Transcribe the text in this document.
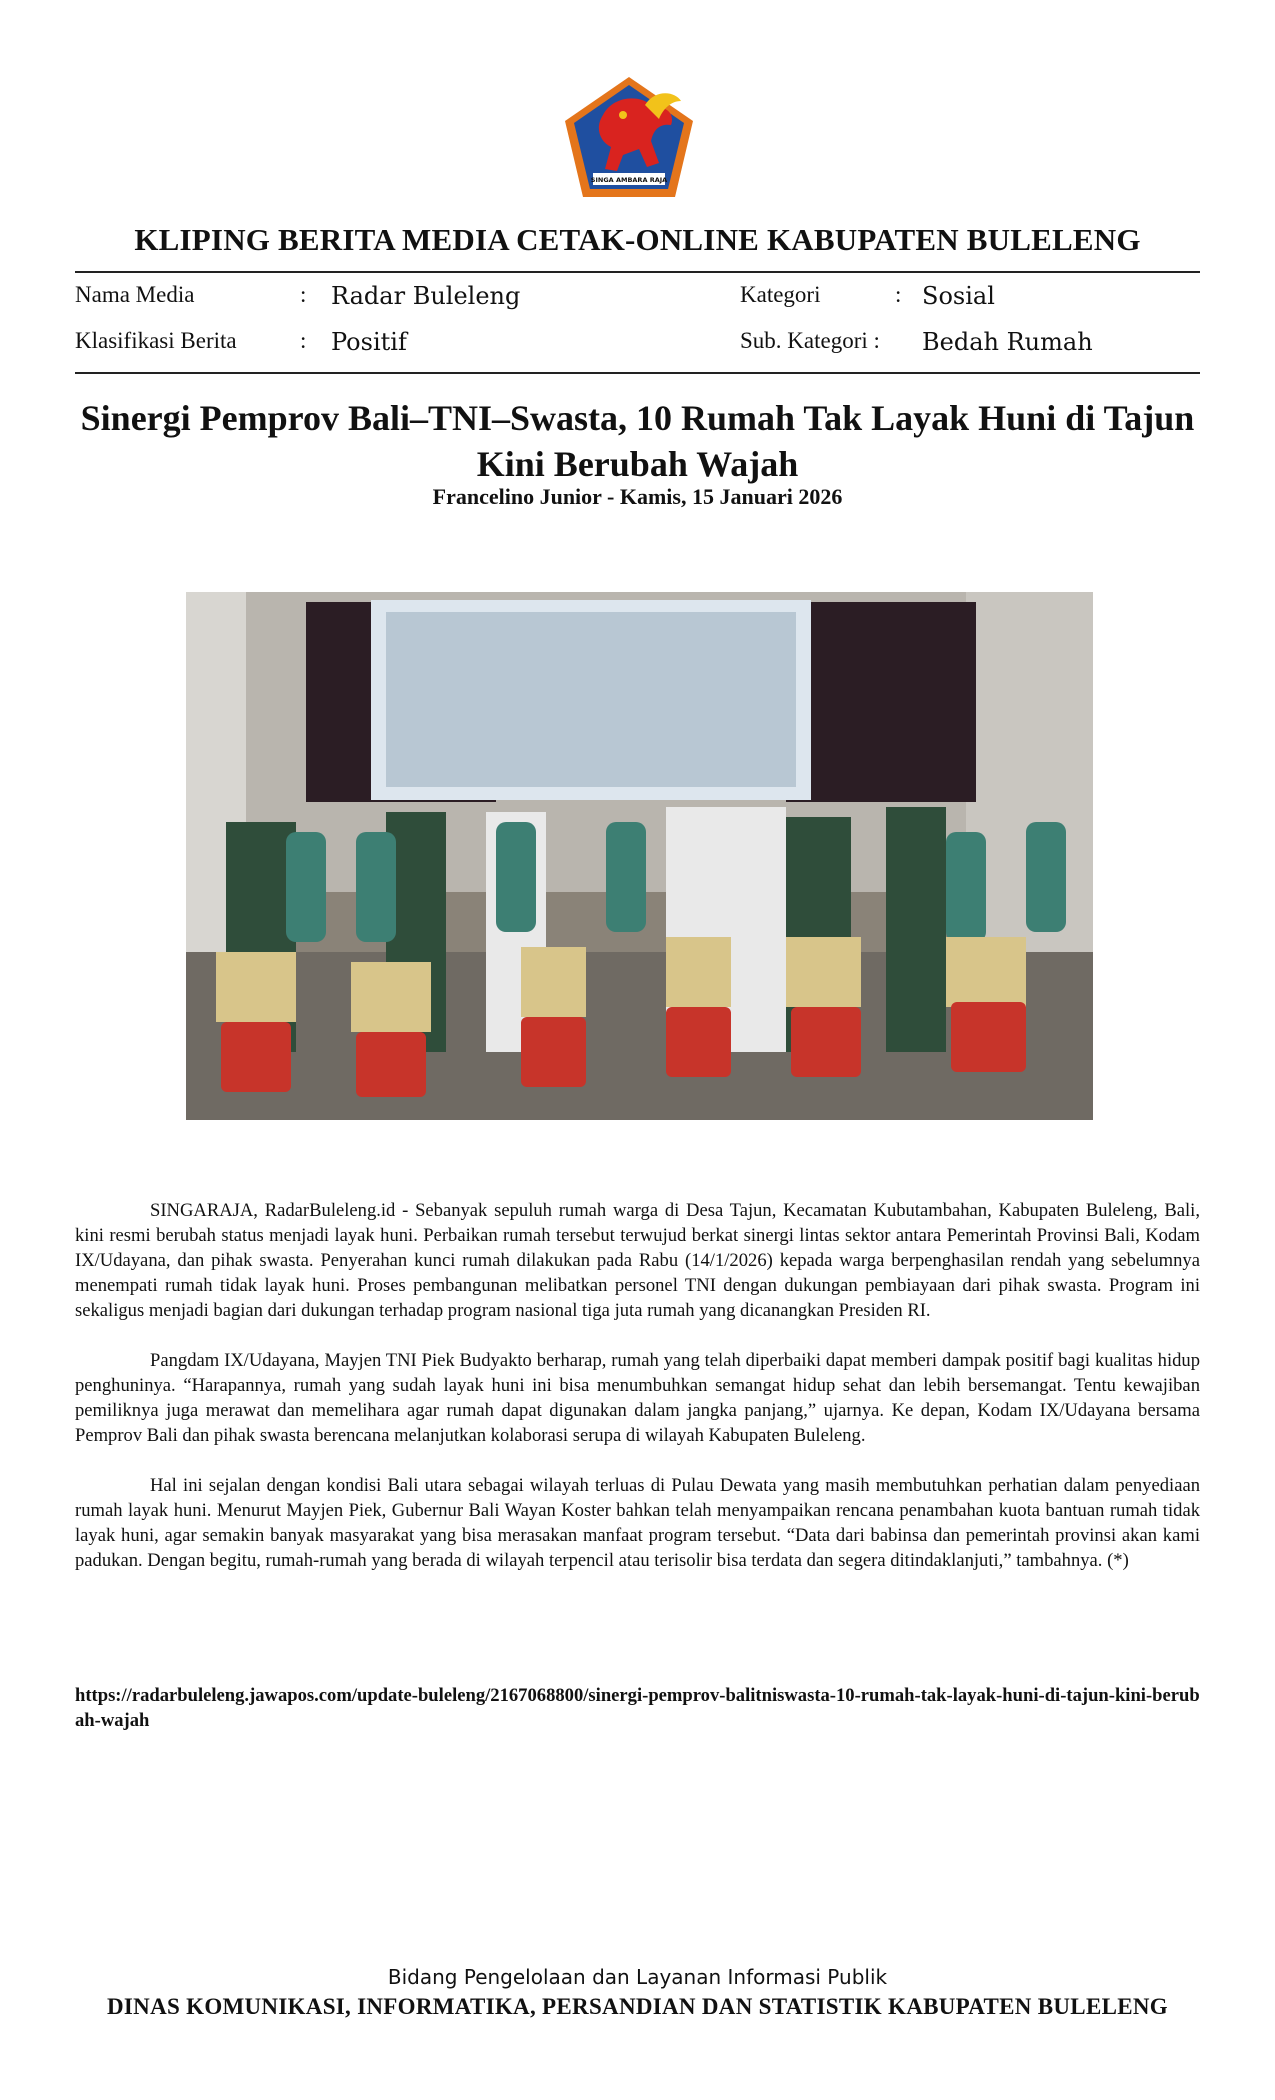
SINGA AMBARA RAJA
KLIPING BERITA MEDIA CETAK-ONLINE KABUPATEN BULELENG
Nama Media	: Radar Buleleng
Klasifikasi Berita	: Positif
Kategori	: Sosial
Sub. Kategori : Bedah Rumah
Sinergi Pemprov Bali–TNI–Swasta, 10 Rumah Tak Layak Huni di Tajun Kini Berubah Wajah
Francelino Junior - Kamis, 15 Januari 2026

SINGARAJA, RadarBuleleng.id - Sebanyak sepuluh rumah warga di Desa Tajun, Kecamatan Kubutambahan, Kabupaten Buleleng, Bali, kini resmi berubah status menjadi layak huni. Perbaikan rumah tersebut terwujud berkat sinergi lintas sektor antara Pemerintah Provinsi Bali, Kodam IX/Udayana, dan pihak swasta. Penyerahan kunci rumah dilakukan pada Rabu (14/1/2026) kepada warga berpenghasilan rendah yang sebelumnya menempati rumah tidak layak huni. Proses pembangunan melibatkan personel TNI dengan dukungan pembiayaan dari pihak swasta. Program ini sekaligus menjadi bagian dari dukungan terhadap program nasional tiga juta rumah yang dicanangkan Presiden RI.

Pangdam IX/Udayana, Mayjen TNI Piek Budyakto berharap, rumah yang telah diperbaiki dapat memberi dampak positif bagi kualitas hidup penghuninya. “Harapannya, rumah yang sudah layak huni ini bisa menumbuhkan semangat hidup sehat dan lebih bersemangat. Tentu kewajiban pemiliknya juga merawat dan memelihara agar rumah dapat digunakan dalam jangka panjang,” ujarnya. Ke depan, Kodam IX/Udayana bersama Pemprov Bali dan pihak swasta berencana melanjutkan kolaborasi serupa di wilayah Kabupaten Buleleng.

Hal ini sejalan dengan kondisi Bali utara sebagai wilayah terluas di Pulau Dewata yang masih membutuhkan perhatian dalam penyediaan rumah layak huni. Menurut Mayjen Piek, Gubernur Bali Wayan Koster bahkan telah menyampaikan rencana penambahan kuota bantuan rumah tidak layak huni, agar semakin banyak masyarakat yang bisa merasakan manfaat program tersebut. “Data dari babinsa dan pemerintah provinsi akan kami padukan. Dengan begitu, rumah-rumah yang berada di wilayah terpencil atau terisolir bisa terdata dan segera ditindaklanjuti,” tambahnya. (*)

https://radarbuleleng.jawapos.com/update-buleleng/2167068800/sinergi-pemprov-balitniswasta-10-rumah-tak-layak-huni-di-tajun-kini-berubah-wajah
Bidang Pengelolaan dan Layanan Informasi Publik
DINAS KOMUNIKASI, INFORMATIKA, PERSANDIAN DAN STATISTIK KABUPATEN BULELENG
